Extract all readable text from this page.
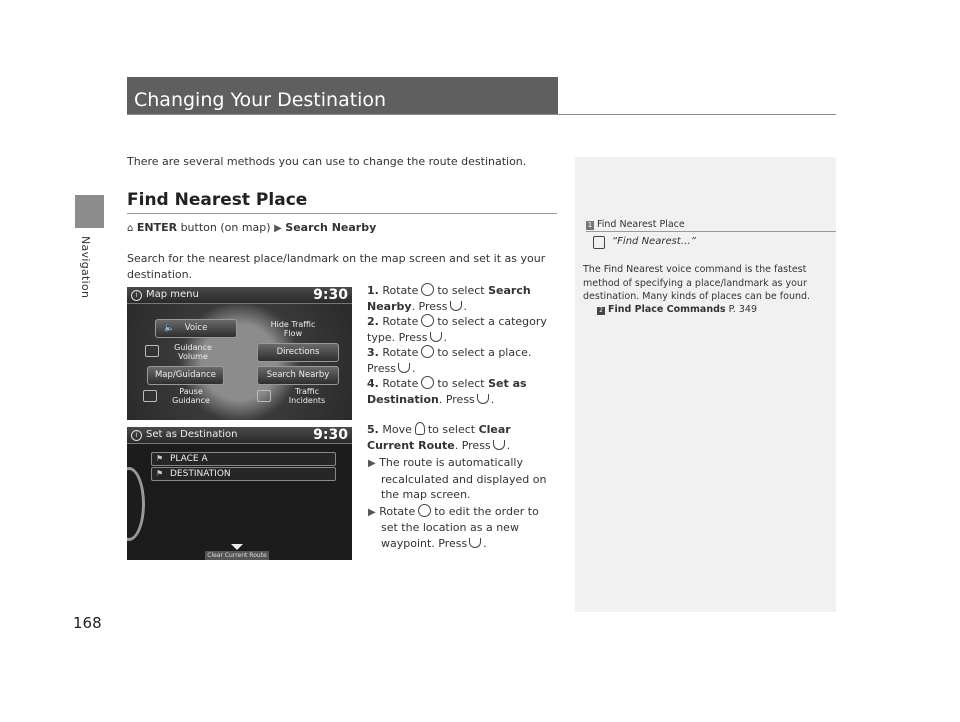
Navigation
168
Changing Your Destination
There are several methods you can use to change the route destination.
Find Nearest Place
⌂ ENTER button (on map) ▶ Search Nearby
Search for the nearest place/landmark on the map screen and set it as your destination.
1. Rotate to select Search Nearby. Press .
2. Rotate to select a category type. Press .
3. Rotate to select a place. Press .
4. Rotate to select Set as Destination. Press .
5. Move to select Clear Current Route. Press .
▶ The route is automatically recalculated and displayed on the map screen.
▶ Rotate to edit the order to set the location as a new waypoint. Press .
i Map menu	9:30
🔈 Voice	Hide Traffic Flow
Guidance Volume	Directions
Map/Guidance	Search Nearby
Pause Guidance
Traffic Incidents
i Set as Destination	9:30
⚑ PLACE A
⚑ DESTINATION
Clear Current Route
1 Find Nearest Place
“Find Nearest…”
The Find Nearest voice command is the fastest method of specifying a place/landmark as your destination. Many kinds of places can be found.
2 Find Place Commands P. 349
